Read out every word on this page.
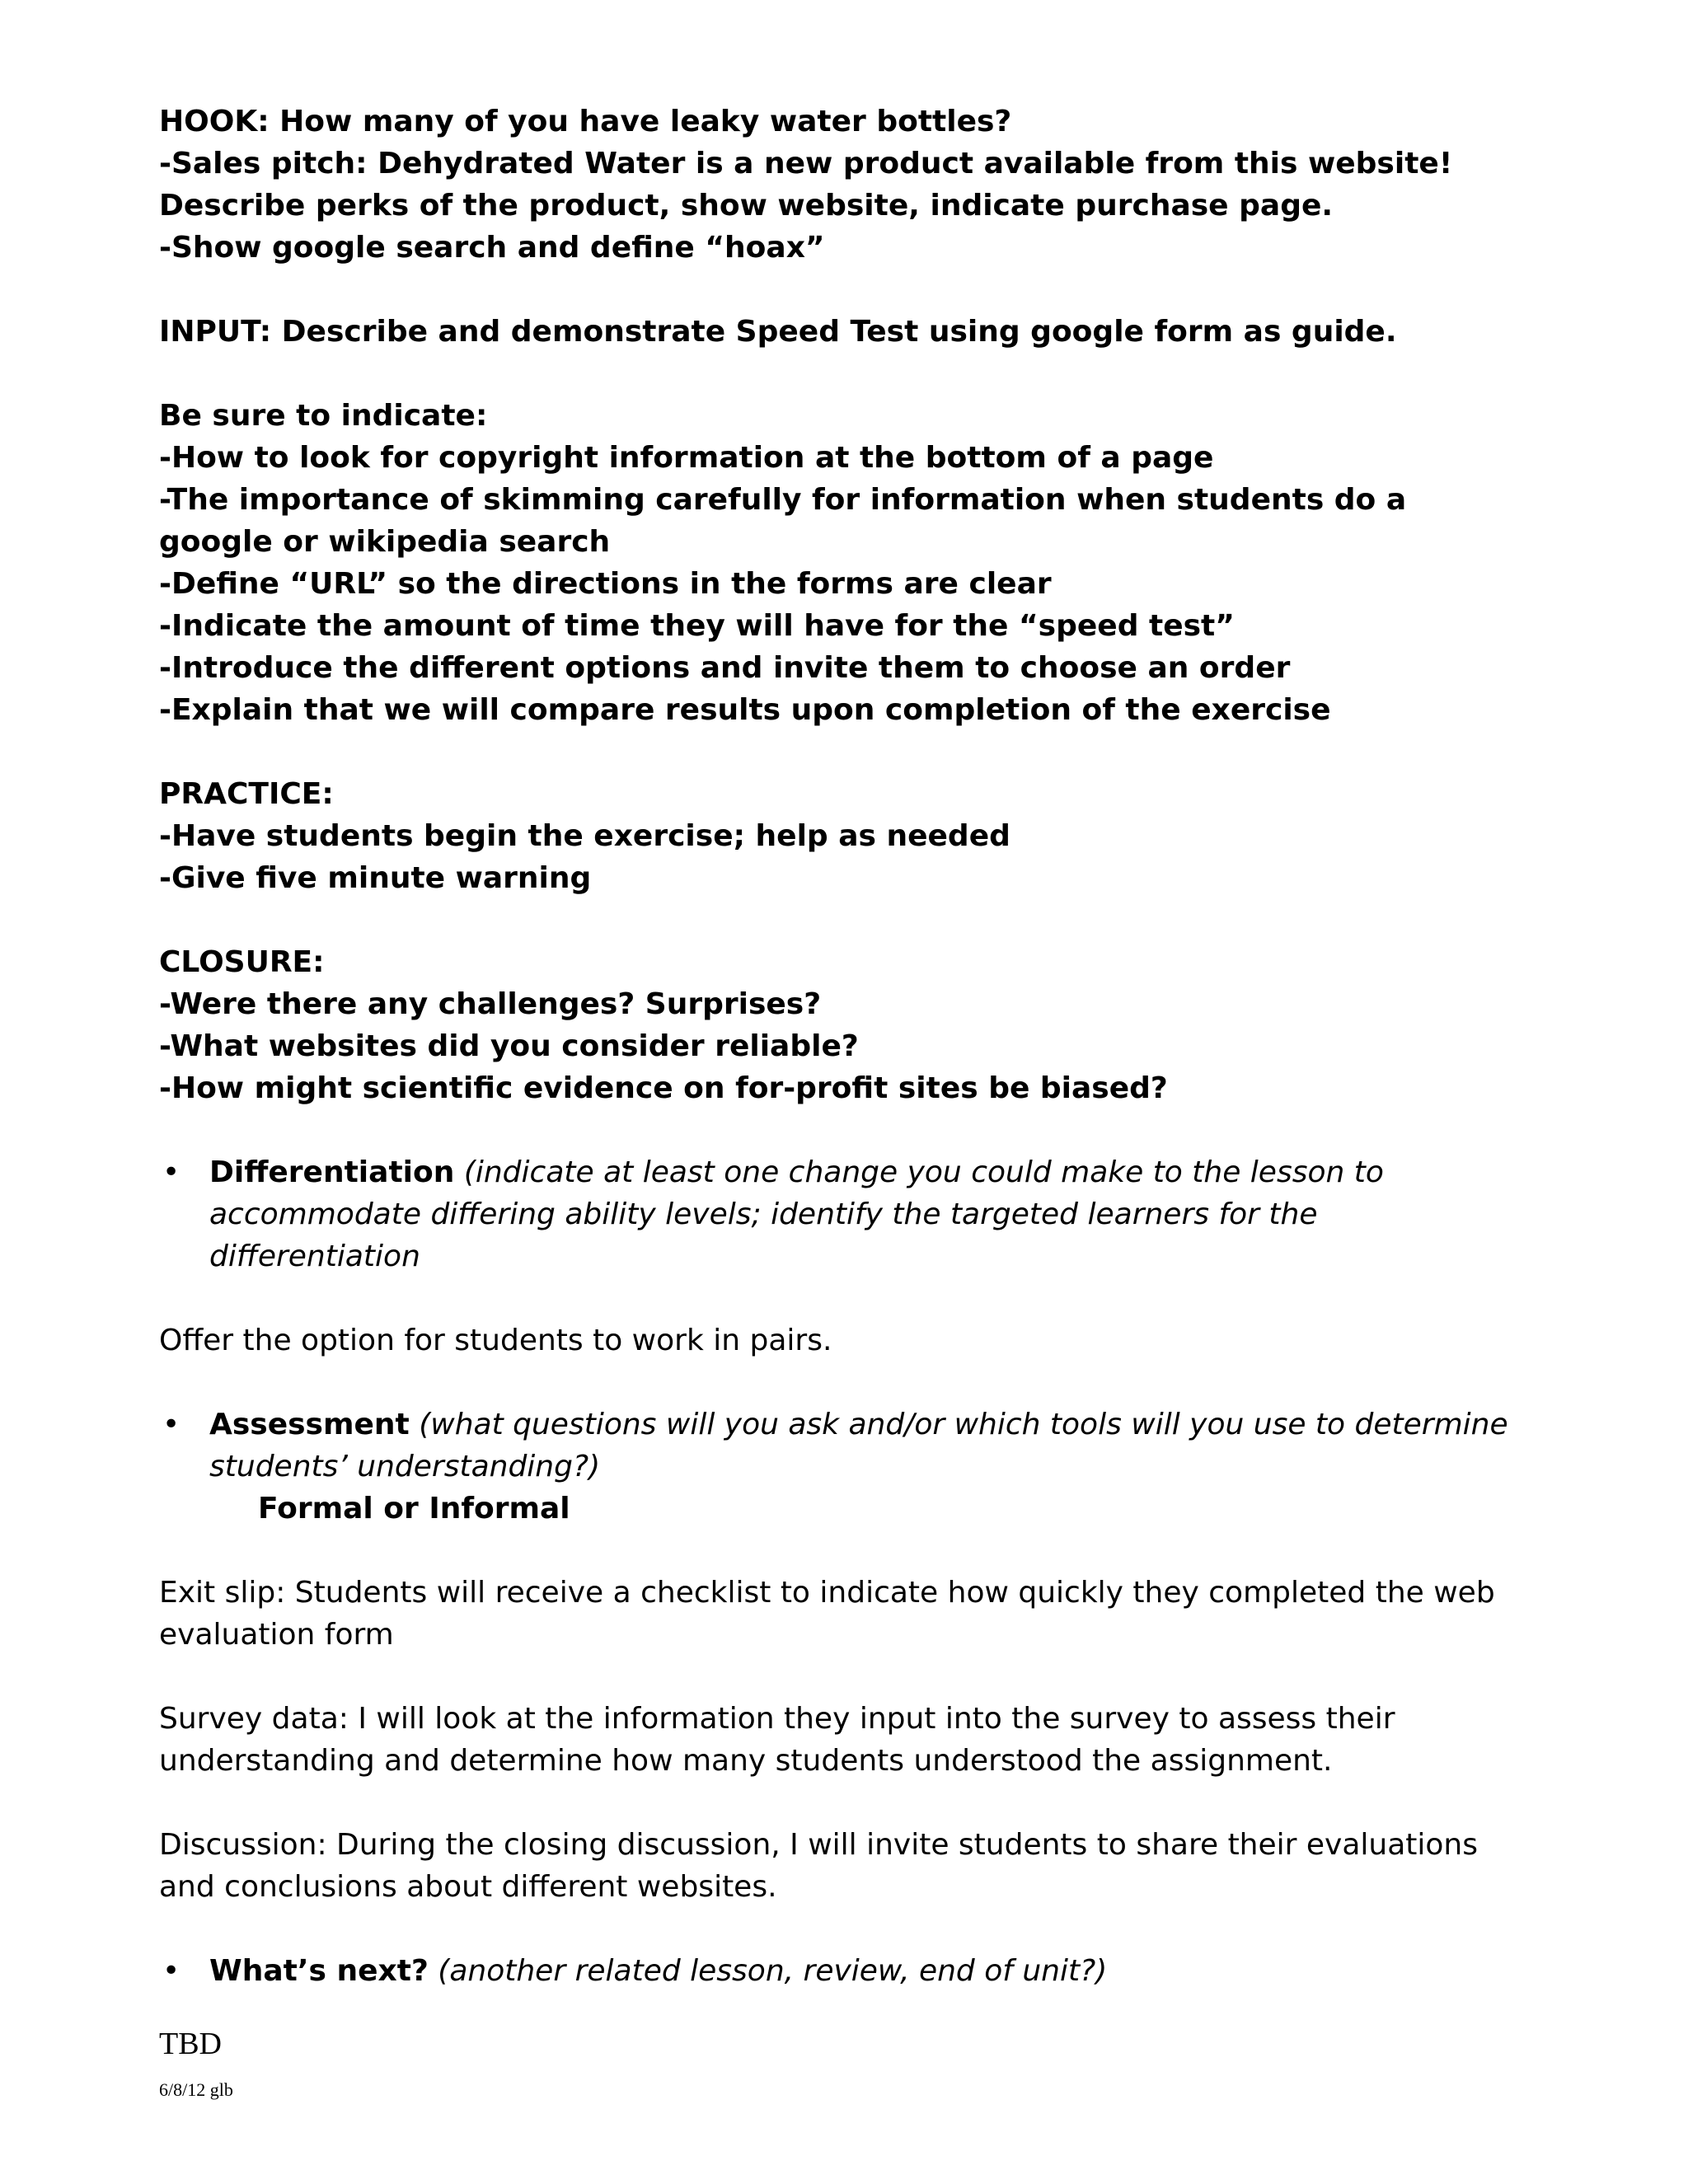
HOOK: How many of you have leaky water bottles?

-Sales pitch: Dehydrated Water is a new product available from this website! Describe perks of the product, show website, indicate purchase page.

-Show google search and define “hoax”

INPUT: Describe and demonstrate Speed Test using google form as guide.

Be sure to indicate:

-How to look for copyright information at the bottom of a page

-The importance of skimming carefully for information when students do a google or wikipedia search

-Define “URL” so the directions in the forms are clear

-Indicate the amount of time they will have for the “speed test”

-Introduce the different options and invite them to choose an order

-Explain that we will compare results upon completion of the exercise

PRACTICE:

-Have students begin the exercise; help as needed

-Give five minute warning

CLOSURE:

-Were there any challenges? Surprises?

-What websites did you consider reliable?

-How might scientific evidence on for-profit sites be biased?

• Differentiation (indicate at least one change you could make to the lesson to accommodate differing ability levels; identify the targeted learners for the differentiation

Offer the option for students to work in pairs.

• Assessment (what questions will you ask and/or which tools will you use to determine students’ understanding?)

Formal or Informal

Exit slip: Students will receive a checklist to indicate how quickly they completed the web evaluation form

Survey data: I will look at the information they input into the survey to assess their understanding and determine how many students understood the assignment.

Discussion: During the closing discussion, I will invite students to share their evaluations and conclusions about different websites.

• What’s next? (another related lesson, review, end of unit?)

TBD

6/8/12 glb
